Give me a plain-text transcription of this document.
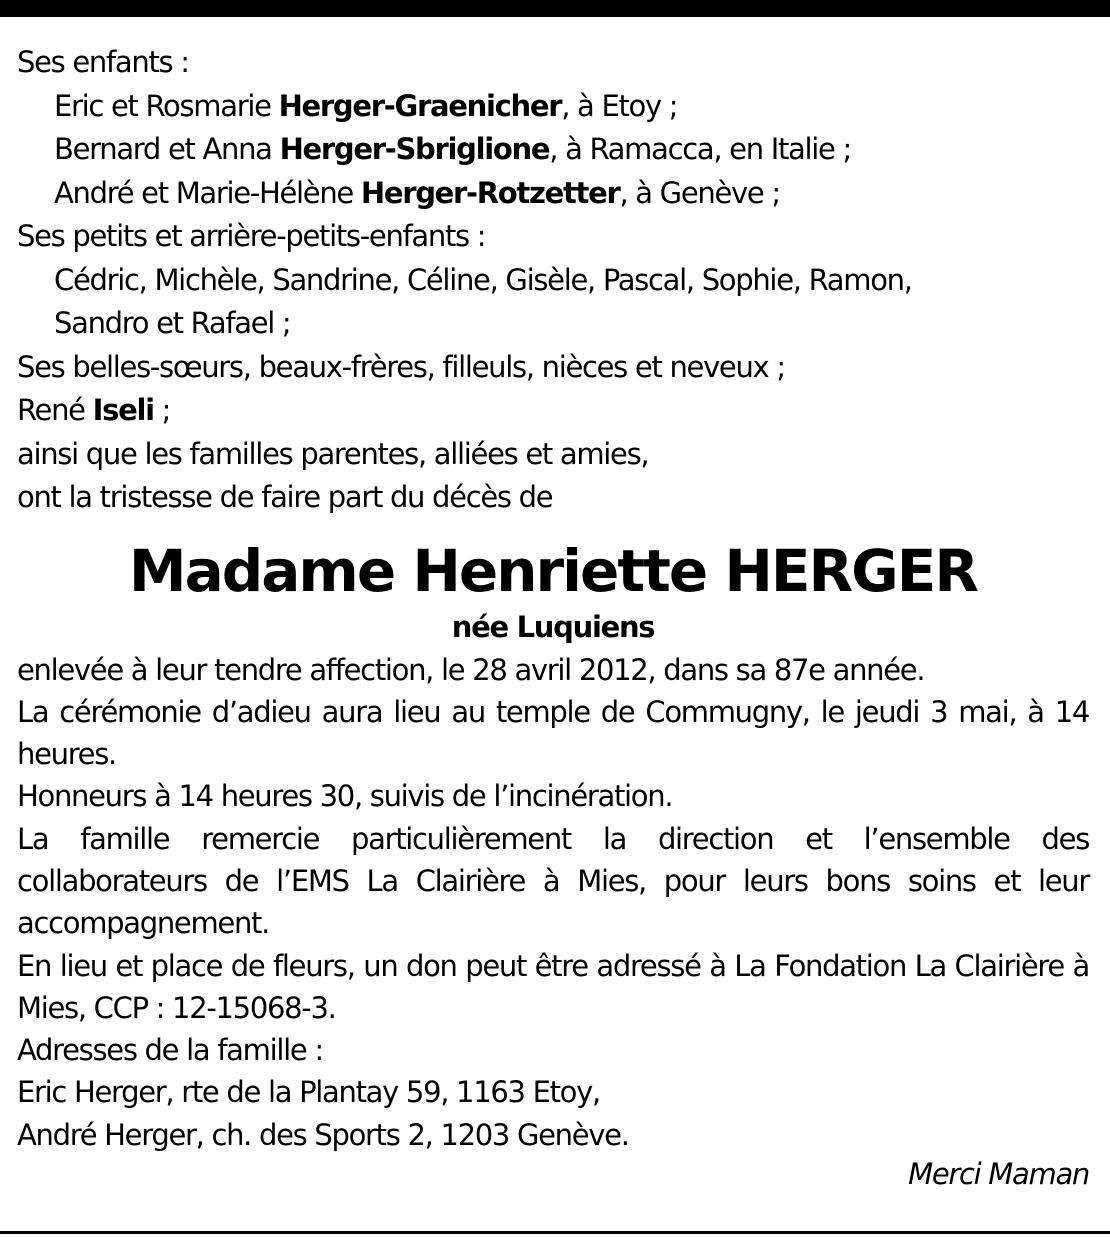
Ses enfants :
Eric et Rosmarie Herger-Graenicher, à Etoy ;
Bernard et Anna Herger-Sbriglione, à Ramacca, en Italie ;
André et Marie-Hélène Herger-Rotzetter, à Genève ;
Ses petits et arrière-petits-enfants :
Cédric, Michèle, Sandrine, Céline, Gisèle, Pascal, Sophie, Ramon,
Sandro et Rafael ;
Ses belles-sœurs, beaux-frères, filleuls, nièces et neveux ;
René Iseli ;
ainsi que les familles parentes, alliées et amies,
ont la tristesse de faire part du décès de
Madame Henriette HERGER
née Luquiens
enlevée à leur tendre affection, le 28 avril 2012, dans sa 87e année.
La cérémonie d’adieu aura lieu au temple de Commugny, le jeudi 3 mai, à 14 heures.
Honneurs à 14 heures 30, suivis de l’incinération.
La famille remercie particulièrement la direction et l’ensemble des collaborateurs de l’EMS La Clairière à Mies, pour leurs bons soins et leur accompagnement.
En lieu et place de fleurs, un don peut être adressé à La Fondation La Clairière à Mies, CCP : 12-15068-3.
Adresses de la famille :
Eric Herger, rte de la Plantay 59, 1163 Etoy,
André Herger, ch. des Sports 2, 1203 Genève.
Merci Maman
